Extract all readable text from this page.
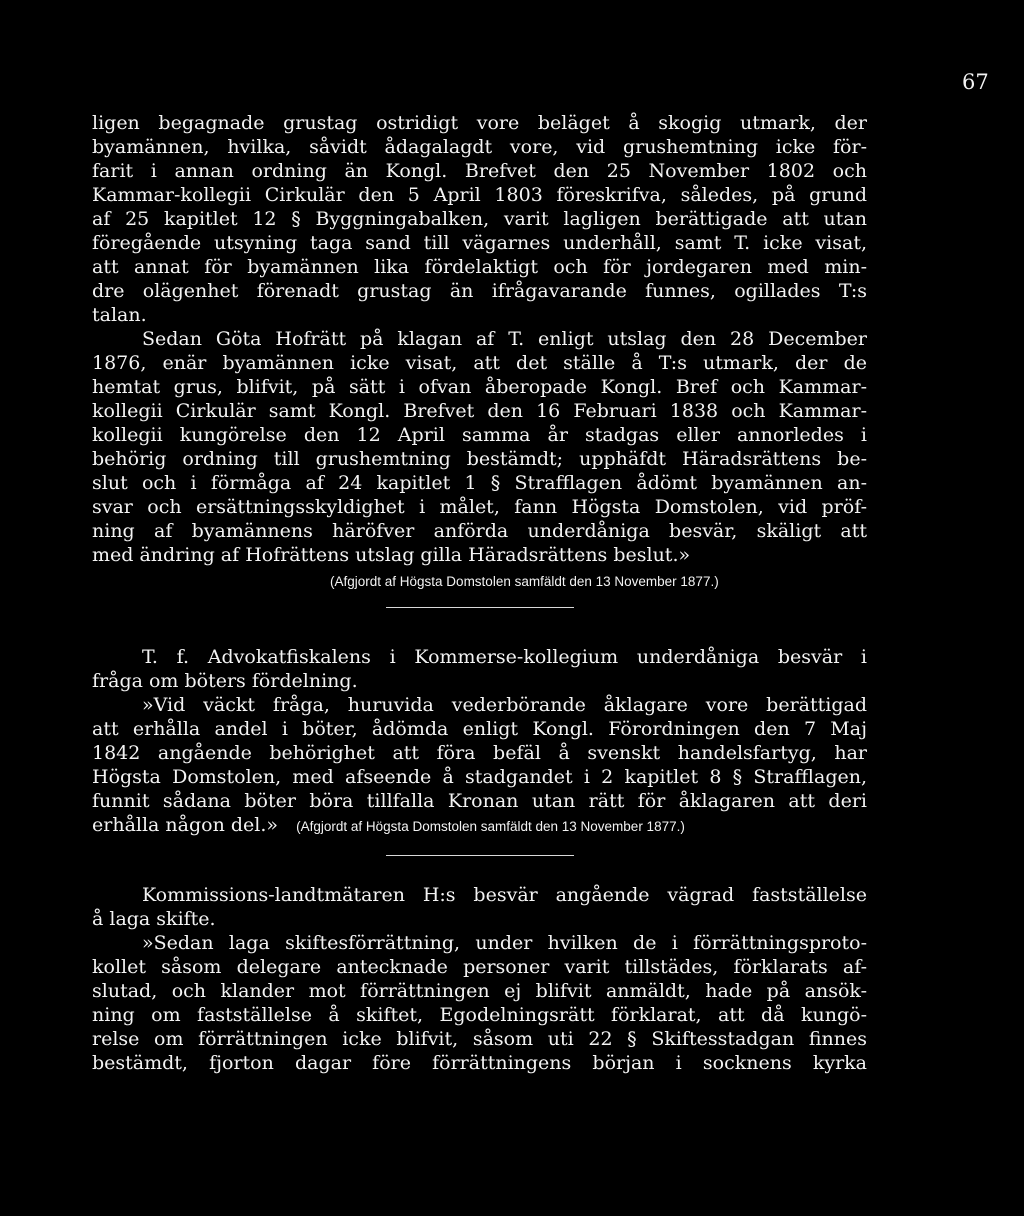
67

ligen begagnade grustag ostridigt vore beläget å skogig utmark, der

byamännen, hvilka, såvidt ådagalagdt vore, vid grushemtning icke för-

farit i annan ordning än Kongl. Brefvet den 25 November 1802 och

Kammar-kollegii Cirkulär den 5 April 1803 föreskrifva, således, på grund

af 25 kapitlet 12 § Byggningabalken, varit lagligen berättigade att utan

föregående utsyning taga sand till vägarnes underhåll, samt T. icke visat,

att annat för byamännen lika fördelaktigt och för jordegaren med min-

dre olägenhet förenadt grustag än ifrågavarande funnes, ogillades T:s

talan.

Sedan Göta Hofrätt på klagan af T. enligt utslag den 28 December

1876, enär byamännen icke visat, att det ställe å T:s utmark, der de

hemtat grus, blifvit, på sätt i ofvan åberopade Kongl. Bref och Kammar-

kollegii Cirkulär samt Kongl. Brefvet den 16 Februari 1838 och Kammar-

kollegii kungörelse den 12 April samma år stadgas eller annorledes i

behörig ordning till grushemtning bestämdt; upphäfdt Häradsrättens be-

slut och i förmåga af 24 kapitlet 1 § Strafflagen ådömt byamännen an-

svar och ersättningsskyldighet i målet, fann Högsta Domstolen, vid pröf-

ning af byamännens häröfver anförda underdåniga besvär, skäligt att

med ändring af Hofrättens utslag gilla Häradsrättens beslut.»

(Afgjordt af Högsta Domstolen samfäldt den 13 November 1877.)

T. f. Advokatfiskalens i Kommerse-kollegium underdåniga besvär i

fråga om böters fördelning.

»Vid väckt fråga, huruvida vederbörande åklagare vore berättigad

att erhålla andel i böter, ådömda enligt Kongl. Förordningen den 7 Maj

1842 angående behörighet att föra befäl å svenskt handelsfartyg, har

Högsta Domstolen, med afseende å stadgandet i 2 kapitlet 8 § Strafflagen,

funnit sådana böter böra tillfalla Kronan utan rätt för åklagaren att deri

erhålla någon del.» (Afgjordt af Högsta Domstolen samfäldt den 13 November 1877.)

Kommissions-landtmätaren H:s besvär angående vägrad fastställelse

å laga skifte.

»Sedan laga skiftesförrättning, under hvilken de i förrättningsproto-

kollet såsom delegare antecknade personer varit tillstädes, förklarats af-

slutad, och klander mot förrättningen ej blifvit anmäldt, hade på ansök-

ning om fastställelse å skiftet, Egodelningsrätt förklarat, att då kungö-

relse om förrättningen icke blifvit, såsom uti 22 § Skiftesstadgan finnes

bestämdt, fjorton dagar före förrättningens början i socknens kyrka
